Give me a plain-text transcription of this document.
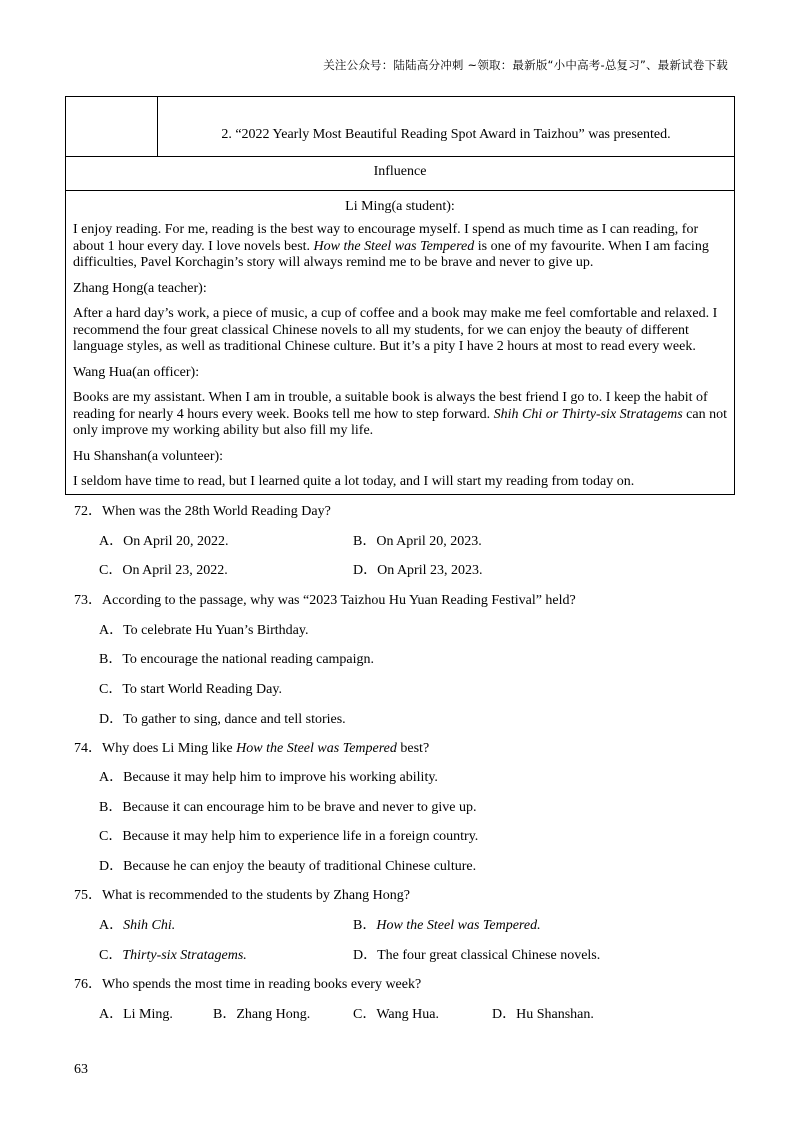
关注公众号：陆陆高分冲刺 ~领取：最新版“小中高考-总复习”、最新试卷下载
2. “2022 Yearly Most Beautiful Reading Spot Award in Taizhou” was presented.
Influence
Li Ming(a student):

I enjoy reading. For me, reading is the best way to encourage myself. I spend as much time as I can reading, for about 1 hour every day. I love novels best. How the Steel was Tempered is one of my favourite. When I am facing difficulties, Pavel Korchagin’s story will always remind me to be brave and never to give up.

Zhang Hong(a teacher):

After a hard day’s work, a piece of music, a cup of coffee and a book may make me feel comfortable and relaxed. I recommend the four great classical Chinese novels to all my students, for we can enjoy the beauty of different language styles, as well as traditional Chinese culture. But it’s a pity I have 2 hours at most to read every week.

Wang Hua(an officer):

Books are my assistant. When I am in trouble, a suitable book is always the best friend I go to. I keep the habit of reading for nearly 4 hours every week. Books tell me how to step forward. Shih Chi or Thirty-six Stratagems can not only improve my working ability but also fill my life.

Hu Shanshan(a volunteer):

I seldom have time to read, but I learned quite a lot today, and I will start my reading from today on.

72．When was the 28th World Reading Day?
A．On April 20, 2022.	B．On April 20, 2023.
C．On April 23, 2022.	D．On April 23, 2023.
73．According to the passage, why was “2023 Taizhou Hu Yuan Reading Festival” held?
A．To celebrate Hu Yuan’s Birthday.
B．To encourage the national reading campaign.
C．To start World Reading Day.
D．To gather to sing, dance and tell stories.
74．Why does Li Ming like How the Steel was Tempered best?
A．Because it may help him to improve his working ability.
B．Because it can encourage him to be brave and never to give up.
C．Because it may help him to experience life in a foreign country.
D．Because he can enjoy the beauty of traditional Chinese culture.
75．What is recommended to the students by Zhang Hong?
A．Shih Chi.	B．How the Steel was Tempered.
C．Thirty-six Stratagems.	D．The four great classical Chinese novels.
76．Who spends the most time in reading books every week?
A．Li Ming.	B．Zhang Hong.	C．Wang Hua.	D．Hu Shanshan.
63
